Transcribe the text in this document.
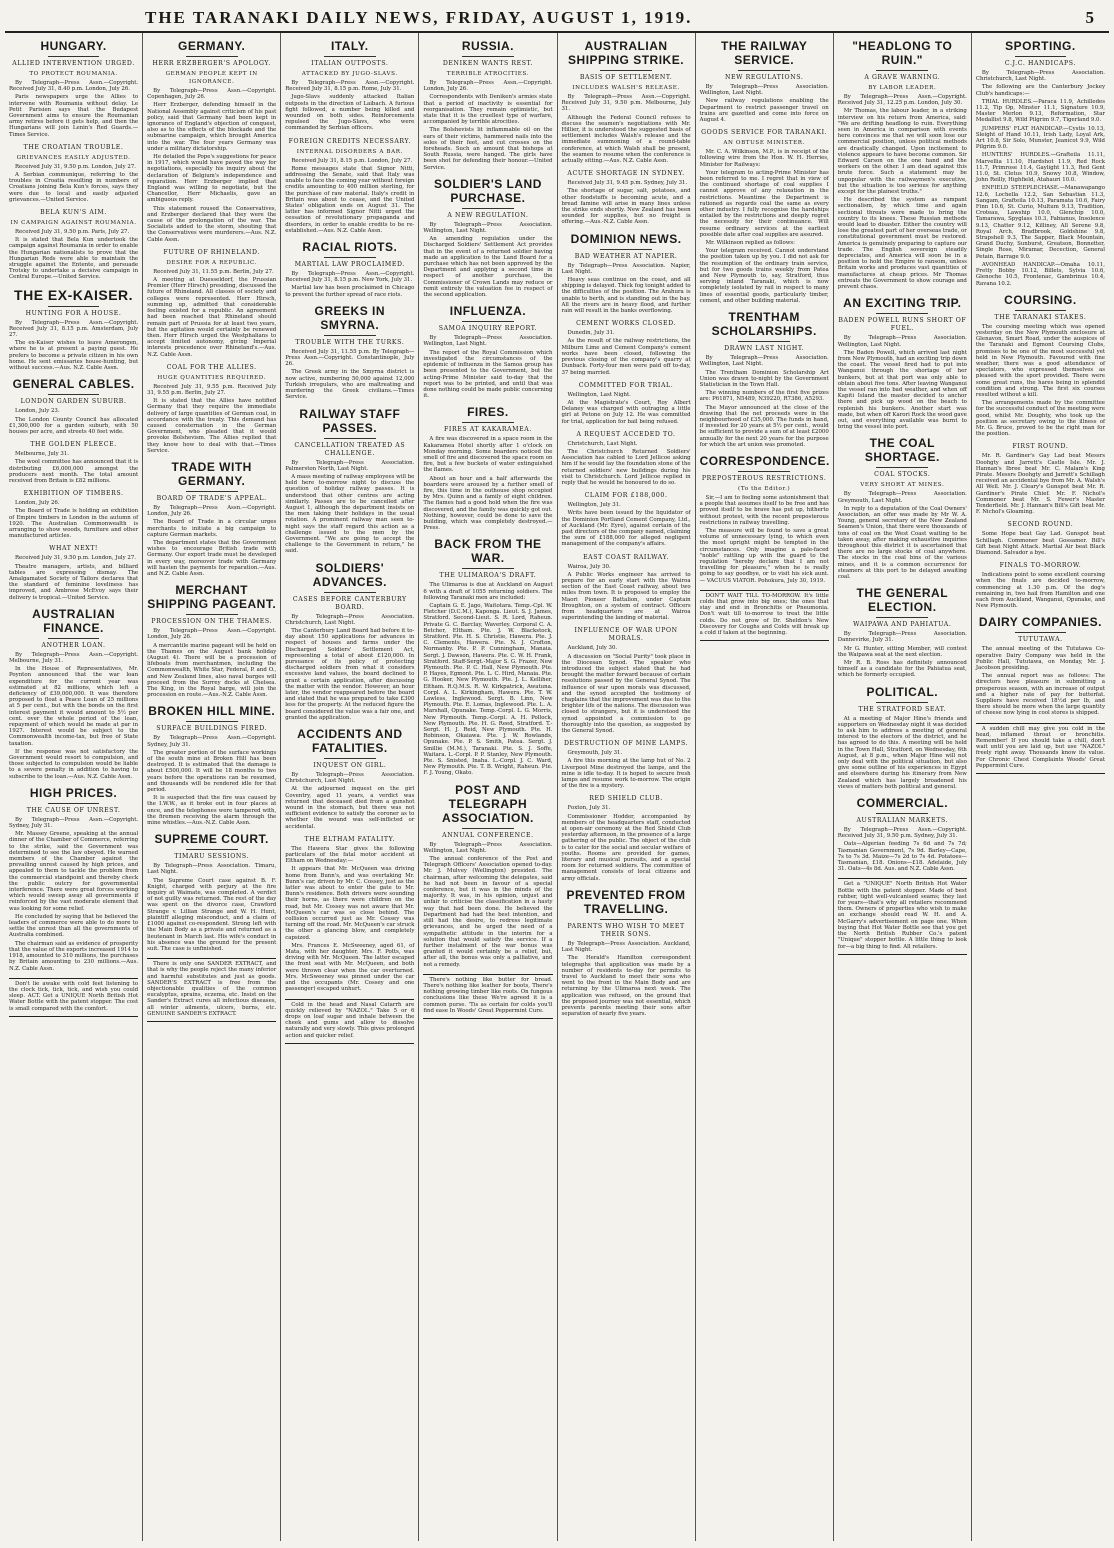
THE TARANAKI DAILY NEWS, FRIDAY, AUGUST 1, 1919.	5
HUNGARY.
ALLIED INTERVENTION URGED.
TO PROTECT ROUMANIA.

By Telegraph—Press Assn.—Copyright. Received July 31, 8.40 p.m. London, July 26.

Paris newspapers urge the Allies to intervene with Roumania without delay. Le Petit Parisien says that the Budapest Government aims to ensure the Roumanian army retires before it gets help, and then the Hungarians will join Lenin's Red Guards.—Times Service.

THE CROATIAN TROUBLE.
GRIEVANCES EASILY ADJUSTED.

Received July 31, 9.50 p.m. London, July 27.

A Serbian communique, referring to the troubles in Croatia resulting in numbers of Croatians joining Bela Kun's forces, says they were due to local and easily adjusted grievances.—United Service.

BELA KUN'S AIM.
IN CAMPAIGN AGAINST ROUMANIA.

Received July 31, 9.50 p.m. Paris, July 27.

It is stated that Bela Kun undertook the campaign against Roumania in order to enable the Hungarian nationalists to prove that the Hungarian Reds were able to maintain the struggle against the Entente, and persuade Trotsky to undertake a decisive campaign in Central Europe.—United Service.

THE EX-KAISER.
HUNTING FOR A HOUSE.

By Telegraph—Press Assn.—Copyright. Received July 31, 8.15 p.m. Amsterdam, July 27.

The ex-Kaiser wishes to leave Amerongen, where he is at present a paying guest. He prefers to become a private citizen in his own home. He sent emissaries house-hunting, but without success.—Aus. N.Z. Cable Assn.

GENERAL CABLES.
LONDON GARDEN SUBURB.

London, July 23.

The London County Council has allocated £1,300,000 for a garden suburb, with 50 houses per acre, and streets 40 feet wide.

THE GOLDEN FLEECE.

Melbourne, July 31.

The wool committee has announced that it is distributing £6,000,000 amongst the producers next month. The total amount received from Britain is £82 millions.

EXHIBITION OF TIMBERS.

London, July 26.

The Board of Trade is holding an exhibition of Empire timbers in London in the autumn of 1920. The Australian Commonwealth is arranging to show woods, furniture and other manufactured articles.

WHAT NEXT!

Received July 31, 9.50 p.m. London, July 27.

Theatre managers, artists, and billiard tables are expressing dismay. The Amalgamated Society of Tailors declares that the standard of feminine loveliness has improved, and Ambrose McEvoy says their delivery is tropical.—United Service.

AUSTRALIAN FINANCE.
ANOTHER LOAN.

By Telegraph—Press Assn.—Copyright. Melbourne, July 31.

In the House of Representatives, Mr. Poynton announced that the war loan expenditure for the current year was estimated at 82 millions, which left a deficiency of £39,000,000. It was therefore proposed to float a Peace Loan of 25 millions at 5 per cent., but with the bonds on the first interest payment it would amount to 5½ per cent. over the whole period of the loan, repayment of which would be made at par in 1927. Interest would be subject to the Commonwealth income-tax, but free of State taxation.

If the response was not satisfactory the Government would resort to compulsion, and those subjected to compulsion would be liable to a severe penalty in addition to having to subscribe to the loan.—Aus. N.Z. Cable Assn.

HIGH PRICES.
THE CAUSE OF UNREST.

By Telegraph—Press Assn.—Copyright. Sydney, July 31.

Mr. Massey Greene, speaking at the annual dinner of the Chamber of Commerce, referring to the strike, said the Government was determined to see the law obeyed. He warned members of the Chamber against the prevailing unrest caused by high prices, and appealed to them to tackle the problem from the commercial standpoint and thereby check the public outcry for governmental interference. There were great forces working which would sweep away all governments if reinforced by the vast moderate element that was looking for some relief.

He concluded by saying that he believed the leaders of commerce were able to do more to settle the unrest than all the governments of Australia combined.

The chairman said as evidence of prosperity that the value of the exports increased 1914 to 1918, amounted to 310 millions, the purchases by Britain amounting to 230 millions.—Aus. N.Z. Cable Assn.

Don't lie awake with cold feet listening to the clock tick, tick, tick, and wish you could sleep. ACT. Get a UNIQUE North British Hot Water Bottle with the patent stopper. The cost is small compared with the comfort.

GERMANY.
HERR ERZBERGER'S APOLOGY.
GERMAN PEOPLE KEPT IN IGNORANCE.

By Telegraph—Press Assn.—Copyright. Copenhagen, July 26.

Herr Erzberger, defending himself in the National Assembly against criticism of his past policy, said that Germany had been kept in ignorance of England's objection of conquest, also as to the effects of the blockade and the submarine campaign, which brought America into the war. The four years Germany was under a military dictatorship.

He detailed the Pope's suggestions for peace in 1917, which would have paved the way for negotiations, especially his inquiry about the declaration of Belgium's independence and reparation. Herr Erzberger implied that England was willing to negotiate, but the Chancellor, Herr Michaelis, gave an ambiguous reply.

This statement roused the Conservatives, and Erzberger declared that they were the cause of the prolongation of the war. The Socialists added to the storm, shouting that the Conservatives were murderers.—Aus. N.Z. Cable Assn.

FUTURE OF RHINELAND.
DESIRE FOR A REPUBLIC.

Received July 31, 11.55 p.m. Berlin, July 27.

A meeting at Duesseldorf, the Prussian Premier (Herr Hirsch) presiding, discussed the future of Rhineland. All classes of society and colleges were represented. Herr Hirsch, summing up, admitted that considerable feeling existed for a republic. An agreement had been reached that Rhineland should remain part of Prussia for at least two years, but the agitation would certainly be renewed then. Herr Hirsch urged the Westphalians to accept limited autonomy, giving Imperial interests precedence over Rhineland's.—Aus. N.Z. Cable Assn.

COAL FOR THE ALLIES.
HUGE QUANTITIES REQUIRED.

Received July 31, 9.55 p.m. Received July 31, 9.55 p.m. Berlin, July 27.

It is stated that the Allies have notified Germany that they require the immediate delivery of large quantities of German coal, in accordance with the treaty. This demand has caused consternation in the German Government, who pleaded that it would provoke Bolshevism. The Allies replied that they know how to deal with that.—Times Service.

TRADE WITH GERMANY.
BOARD OF TRADE'S APPEAL.

By Telegraph—Press Assn.—Copyright. London, July 26.

The Board of Trade in a circular urges merchants to initiate a big campaign to capture German markets.

The department states that the Government wishes to encourage British trade with Germany. Our export trade must be developed in every way, moreover trade with Germany will hasten the payments for reparation.—Aus. and N.Z. Cable Assn.

MERCHANT SHIPPING PAGEANT.
PROCESSION ON THE THAMES.

By Telegraph—Press Assn.—Copyright. London, July 26.

A mercantile marine pageant will be held on the Thames on the August bank holiday (August 4). There will be a procession of lifeboats from merchantmen, including the Commonwealth, White Star, Federal, P. and O., and New Zealand lines, also naval barges will proceed from the Surrey docks at Chelsea. The King, in the Royal barge, will join the procession en route.—Aus.-N.Z. Cable Assn.

BROKEN HILL MINE.
SURFACE BUILDINGS FIRED.

By Telegraph—Press Assn.—Copyright. Sydney, July 31.

The greater portion of the surface workings of the south mine at Broken Hill has been destroyed. It is estimated that the damage is about £500,000. It will be 18 months to two years before the operations can be resumed, and thousands will be rendered idle for that period.

It is suspected that the fire was caused by the I.W.W., as it broke out in four places at once, and the telephones were tampered with, the firemen receiving the alarm through the mine whistles.—Aus.-N.Z. Cable Assn.

SUPREME COURT.
TIMARU SESSIONS.

By Telegraph—Press Association. Timaru, Last Night.

The Supreme Court case against B. F. Knight, charged with perjury at the fire inquiry at Waimate, was completed. A verdict of not guilty was returned. The rest of the day was spent on the divorce case, Crawford Strange v. Lillian Strange and W. H. Hunt, plaintiff alleging misconduct, and a claim of £1000 against co-respondent. Strong left with the Main Body as a private and returned as a lieutenant in March last. His wife's conduct in his absence was the ground for the present suit. The case is unfinished.

There is only one SANDER EXTRACT, and that is why the people reject the many inferior and harmful substitutes and just as goods. SANDER'S EXTRACT is free from the objectionable qualities of the common eucalyptus, sprains, eczema, etc. Insist on the Sander's Extract cures all infectious diseases, all winter ailments, ulcers, burns, etc. GENUINE SANDER'S EXTRACT.

ITALY.
ITALIAN OUTPOSTS.
ATTACKED BY JUGO-SLAVS.

By Telegraph—Press Assn.—Copyright. Received July 31, 8.15 p.m. Rome, July 31.

Jugo-Slavs suddenly attacked Italian outposts in the direction of Laibach. A furious fight followed, a number being killed and wounded on both sides. Reinforcements repulsed the Jugo-Slavs, who were commanded by Serbian officers.

FOREIGN CREDITS NECESSARY.
INTERNAL DISORDERS A BAR.

Received July 31, 8.15 p.m. London, July 27.

Rome messages state that Signor Nitti, addressing the Senate, said that Italy was unable to face the coming year without foreign credits amounting to 400 million sterling, for the purchase of raw material. Italy's credit in Britain was about to cease, and the United States' obligation ends on August 31. The latter has informed Signor Nitti urged the cessation of revolutionary propaganda and disorders, in order to enable credits to be re-established.—Aus. N.Z. Cable Assn.

RACIAL RIOTS.
MARTIAL LAW PROCLAIMED.

By Telegraph—Press Assn.—Copyright. Received July 31, 8.15 p.m. New York, July 31.

Martial law has been proclaimed in Chicago to prevent the further spread of race riots.

GREEKS IN SMYRNA.
TROUBLE WITH THE TURKS.

Received July 31, 11.55 p.m. By Telegraph—Press Assn.—Copyright. Constantinople, July 26.

The Greek army in the Smyrna district is now active, numbering 50,000 against 12,000 Turkish irregulars, who are maltreating and murdering the Greek civilians.—Times Service.

RAILWAY STAFF PASSES.
CANCELLATION TREATED AS CHALLENGE.

By Telegraph—Press Association. Palmerston North, Last Night.

A mass meeting of railway employees will be held here to-morrow night to discuss the question of holiday railway passes. It is understood that other centres are acting similarly. Passes are to be cancelled after August 1, although the department insists on the men taking their holidays in the usual rotation. A prominent railway man seen to-night says the staff regard this action as a challenge issued to the men by the Government. "We are going to accept the challenge to the Government in return," he said.

SOLDIERS' ADVANCES.
CASES BEFORE CANTERBURY BOARD.

By Telegraph—Press Association. Christchurch, Last Night.

The Canterbury Land Board had before it to-day about 150 applications for advances in respect of houses and farms under the Discharged Soldiers' Settlement Act, representing a total of about £120,000. In pursuance of its policy of protecting discharged soldiers from what it considers excessive land values, the board declined to grant a certain application, after discussing the matter with the vendor. However, an hour later, the vendor reappeared before the board and stated that he was prepared to take £300 less for the property. At the reduced figure the board considered the value was a fair one, and granted the application.

ACCIDENTS AND FATALITIES.
INQUEST ON GIRL.

By Telegraph—Press Association. Christchurch, Last Night.

At the adjourned inquest on the girl Coventry, aged 11 years, a verdict was returned that deceased died from a gunshot wound in the stomach, but there was not sufficient evidence to satisfy the coroner as to whether the wound was self-inflicted or accidental.

THE ELTHAM FATALITY.

The Hawera Star gives the following particulars of the fatal motor accident at Eltham on Wednesday:—

It appears that Mr. McQueen was driving home from Bunn's, and was overtaking Mr. Bunn's car, driven by Mr. C. Cossey, just as the latter was about to enter the gate to Mr. Bunn's residence. Both drivers were sounding their horns, as there were children on the road, but Mr. Cossey was not aware that Mr. McQueen's car was so close behind. The collision occurred just as Mr. Cossey was turning off the road. Mr. McQueen's car struck the other a glancing blow, and completely capsized.

Mrs. Frances E. McSweeney, aged 61, of Mata, with her daughter, Mrs. F. Potts, was driving with Mr. McQueen. The latter escaped the front seat with Mr. McQueen, and both were thrown clear when the car overturned. Mrs. McSweeney was pinned under the car and the occupants (Mr. Cossey and one passenger) escaped unhurt.

Cold in the head and Nasal Catarrh are quickly relieved by "NAZOL." Take 5 or 6 drops on loaf sugar and inhale between the cheek and gums and allow to dissolve naturally and very slowly. This gives prolonged action and quicker relief.

RUSSIA.
DENIKEN WANTS REST.
TERRIBLE ATROCITIES.

By Telegraph—Press Assn.—Copyright. London, July 26.

Correspondents with Deniken's armies state that a period of inactivity is essential for reorganisation. They remain optimistic, but state that it is the cruellest type of warfare, accompanied by terrible atrocities.

The Bolshevists lit inflammable oil on the ears of their victims, hammered nails into the soles of their feet, and cut crosses on the foreheads. Such an amount that bishops at South Russia, were hanged. The girls have been shot for defending their honour.—United Service.

SOLDIER'S LAND PURCHASE.
A NEW REGULATION.

By Telegraph—Press Association. Wellington, Last Night.

An amending regulation under the Discharged Soldiers' Settlement Act provides that in the event of a returned soldier having made an application to the Land Board for a purchase which has not been approved by the Department and applying a second time in respect of another purchase, the Commissioner of Crown Lands may reduce or remit entirely the valuation fee in respect of the second application.

INFLUENZA.
SAMOA INQUIRY REPORT.

By Telegraph—Press Association. Wellington, Last Night.

The report of the Royal Commission which investigated the circumstances of the epidemic of influenza in the Samoa group has been presented to the Government, but the acting-Prime Minister said to-day that the report was to be printed, and until that was done nothing could be made public concerning it.

FIRES.
FIRES AT KAKARAMEA.

A fire was discovered in a space room in the Kakaramea Hotel shortly after 1 o'clock on Monday morning. Some boarders noticed the smell of fire and discovered the space room on fire, but a few buckets of water extinguished the flames.

About an hour and a half afterwards the boarders were aroused by a further smell of fire, this time in the outhouse shop occupied by Mrs. Quinn and a family of eight children. The flames had a good hold when the fire was discovered, and the family was quickly got out. Nothing, however, could be done to save the building, which was completely destroyed.—Press.

BACK FROM THE WAR.
THE ULIMAROA'S DRAFT.

The Ulimaroa is due at Auckland on August 6 with a draft of 1055 returning soldiers. The following Taranaki men are included:

Captain G. E. Jago, Waitotara. Temp.-Cpl. W. Fletcher (D.C.M.), Kaponga. Lieut. S. J. James, Stratford. Second-Lieut. S. R. Lord, Raheun. Private G. C. Barclay, Waverley. Corporal C. A. Betcher, Eltham. Pte. J. W. Blackstock, Stratford. Pte. H. S. Christie, Hawera. Pte. J. C. Clements, Hawera. Pte. N. J. Crofton, Normanby. Pte. P. P. Cunningham, Manaia. Sergt. J. Dawson, Hawera. Pte. C. W. H. Frank, Stratford. Staff-Sergt.-Major S. G. Frazer, New Plymouth. Pte. P. C. Hall, New Plymouth. Pte. P. Hayes, Egmont. Pte. L. C. Hird, Manaia. Pte. G. Hooker, New Plymouth. Pte. J. L. Kelliher, Eltham. R.Q.M.S. R. W. Kirkpatrick, Awatuna. Corpl. A. L. Kirkingham, Hawera. Pte. T. W. Lawless, Inglewood. Sergt. B. Linn, New Plymouth. Pte. E. Lomas, Inglewood. Pte. L. A. Marshall, Opunake. Temp.-Corpl. L. G. Morris, New Plymouth. Temp.-Corpl. A. H. Pollock, New Plymouth. Pte. H. G. Reed, Stratford. T.-Sergt. H. J. Reid, New Plymouth. Pte. H. Robinson, Okaiawa. Pte. J. W. Rowlands, Opunake. Pte. P. S. Smith, Patea. Sergt. J. Smillie (M.M.), Taranaki. Pte. S. J. Soffe, Waitara. L.-Corpl. P. P. Stanley, New Plymouth. Pte. S. Snisted, Inaha. L.-Corpl. J. C. Ward, New Plymouth. Pte. T. B. Wright, Raheun. Pte. F. J. Young, Okato.

POST AND TELEGRAPH ASSOCIATION.
ANNUAL CONFERENCE.

By Telegraph—Press Association. Wellington, Last Night.

The annual conference of the Post and Telegraph Officers' Association opened to-day. Mr. J. Mulvey (Wellington) presided. The chairman, after welcoming the delegates, said he had not been in favour of a special conference, but it was in the minds of the majority. It was, in his opinion, unjust and unfair to criticise the classification in a hasty way that had been done. He believed the Department had had the best intention, and still had the desire, to redress legitimate grievances, and he urged the need of a sympathetic attitude in the interim for a solution that would satisfy the service. If a further instalment of the war bonus was granted it would certainly be a relief, but, after all, the bonus was only a palliative, and not a remedy.

There's nothing like butter for bread. There's nothing like leather for boots, There's nothing growing timber like roots. On fungous conclusions like these We're agreed it is a common purse. 'Tis as certain for colds you'll find ease In Woods' Great Peppermint Cure.

AUSTRALIAN SHIPPING STRIKE.
BASIS OF SETTLEMENT.
INCLUDES WALSH'S RELEASE.

By Telegraph—Press Assn.—Copyright. Received July 31, 9.50 p.m. Melbourne, July 31.

Although the Federal Council refuses to discuss the seamen's negotiations with Mr. Hillier, it is understood the suggested basis of settlement includes Walsh's release and the immediate summoning of a round-table conference, at which Walsh shall be present, the seamen to resume when the conference is actually sitting.—Aus. N.Z. Cable Assn.

ACUTE SHORTAGE IN SYDNEY.

Received July 31, 9.45 p.m. Sydney, July 31.

The shortage of sugar, salt, potatoes, and other foodstuffs is becoming acute, and a bread famine will arise in many lines unless the strike ends shortly. New Zealand has been sounded for supplies, but no freight is offering.—Aus.-N.Z. Cable Assn.

DOMINION NEWS.
BAD WEATHER AT NAPIER.

By Telegraph—Press Association. Napier, Last Night.

Heavy seas continue on the coast, and all shipping is delayed. Thick fog tonight added to the difficulties of the position. The Arahura is unable to berth, and is standing out in the bay. All the rivers are in heavy flood, and further rain will result in the banks overflowing.

CEMENT WORKS CLOSED.

Dunedin, July 31.

As the result of the railway restrictions, the Milburn Lime and Cement Company's cement works have been closed, following the previous closing of the company's quarry at Dunback. Forty-four men were paid off to-day, 37 being married.

COMMITTED FOR TRIAL.

Wellington, Last Night.

At the Magistrate's Court, Roy Albert Delaney was charged with outraging a little girl at Petone on July 12. He was committed for trial, application for bail being refused.

A REQUEST ACCEDED TO.

Christchurch, Last Night.

The Christchurch Returned Soldiers' Association has cabled to Lord Jellicoe asking him if he would lay the foundation stone of the returned soldiers' new buildings during his visit to Christchurch. Lord Jellicoe replied in reply that he would be honoured to do so.

CLAIM FOR £188,000.

Wellington, July 31.

Writs have been issued by the liquidator of the Dominion Portland Cement Company, Ltd., of Auckland (Mr. Eyre), against certain of the past directors of the company named, claiming the sum of £188,000 for alleged negligent management of the company's affairs.

EAST COAST RAILWAY.

Wairoa, July 30.

A Public Works engineer has arrived to prepare for an early start with the Wairoa section of the East Coast railway, about two miles from town. It is proposed to employ the Maori Pioneer Battalion, under Captain Broughton, on a system of contract. Officers from headquarters are at Wairoa superintending the landing of material.

INFLUENCE OF WAR UPON MORALS.

Auckland, July 30.

A discussion on "Social Purity" took place in the Diocesan Synod. The speaker who introduced the subject stated that he had brought the matter forward because of certain resolutions passed by the General Synod. The influence of war upon morals was discussed, and the synod accepted the testimony of chaplains that the improvement was due to the brighter life of the nations. The discussion was closed to strangers, but it is understood the synod appointed a commission to go thoroughly into the question, as suggested by the General Synod.

DESTRUCTION OF MINE LAMPS.

Greymouth, July 31.

A fire this morning at the lamp hut of No. 2 Liverpool Mine destroyed the lamps, and the mine is idle to-day. It is hoped to secure fresh lamps and resume work to-morrow. The origin of the fire is a mystery.

RED SHIELD CLUB.

Foxton, July 31.

Commissioner Hodder, accompanied by members of the headquarters staff, conducted at open-air ceremony at the Red Shield Club yesterday afternoon, in the presence of a large gathering of the public. The object of the club is to cater for the social and secular welfare of youths. Rooms are provided for games, literary and musical pursuits, and a special room for returned soldiers. The committee of management consists of local citizens and army officials.

PREVENTED FROM TRAVELLING.
PARENTS WHO WISH TO MEET THEIR SONS.

By Telegraph—Press Association. Auckland, Last Night.

The Herald's Hamilton correspondent telegraphs that application was made by a number of residents to-day for permits to travel to Auckland to meet their sons who went to the front in the Main Body and are returning by the Ulimaroa next week. The application was refused, on the ground that the proposed journey was not essential, which prevents parents meeting their sons after separation of nearly five years.

THE RAILWAY SERVICE.
NEW REGULATIONS.

By Telegraph—Press Association. Wellington, Last Night.

New railway regulations enabling the Department to restrict passenger travel on trains are gazetted and come into force on August 4.

GOODS SERVICE FOR TARANAKI.
AN OBTUSE MINISTER.

Mr. C. A. Wilkinson, M.P., is in receipt of the following wire from the Hon. W. H. Herries, Minister for Railways:

Your telegram to acting-Prime Minister has been referred to me. I regret that in view of the continued shortage of coal supplies I cannot approve of any relaxation in the restrictions. Meantime the Department is rationed as regards coal the same as every other industry. I fully recognise the hardships entailed by the restrictions and deeply regret the necessity for their continuance. Will resume ordinary services at the earliest possible date after coal supplies are assured.

Mr. Wilkinson replied as follows:

Your telegram received. Cannot understand the position taken up by you. I did not ask for the resumption of the ordinary train service, but for two goods trains weekly from Patea and New Plymouth to, say, Stratford, thus serving inland Taranaki, which is now completely isolated by rail in respect to many lines of essential goods, particularly timber, cement, and other building material.

TRENTHAM SCHOLARSHIPS.
DRAWN LAST NIGHT.

By Telegraph—Press Association. Wellington, Last Night.

The Trentham Dominion Scholarship Art Union was drawn to-night by the Government Statistician in the Town Hall.

The winning numbers of the first five prizes are: P61871, N5489, N39220, R7386, A5293.

The Mayor announced at the close of the drawing that the net proceeds were in the neighbourhood of £35,000. The funds in hand, if invested for 20 years at 5½ per cent., would be sufficient to provide a sum of at least £2000 annually for the next 20 years for the purpose for which the art union was promoted.

CORRESPONDENCE.
PREPOSTEROUS RESTRICTIONS.
(To the Editor.)

Sir,—I am to feeling some astonishment that a people that assumes itself to be free and has proved itself to be brave has put up, hitherto without protest, with the recent preposterous restrictions in railway travelling.

The measure will be found to save a great volume of unnecessary lying, to which even the most upright might be tempted in the circumstances. Only imagine a pale-faced "noble" rattling up with the guard to the regulation "hereby declare that I am not travelling for pleasure," when he is really going to say goodbye, or to visit his sick aunt. — VACUUS VIATOR. Pohokura, July 30, 1919.

DON'T WAIT TILL TO-MORROW. It's little colds that grow into big ones; the ones that stay and end in Bronchitis or Pneumonia. Don't wait till to-morrow to treat the little colds. Do not grow of Dr. Sheldon's New Discovery for Coughs and Colds will break up a cold if taken at the beginning.

"HEADLONG TO RUIN."
A GRAVE WARNING.
BY LABOR LEADER.

By Telegraph—Press Assn.—Copyright. Received July 31, 12.25 p.m. London, July 30.

Mr Thomas, the labour leader, in a striking interview on his return from America, said: "We are drifting headlong to ruin. Everything seen in America in comparison with events here convinces me that we will soon lose our commercial position, unless political methods are drastically changed. Upon incitement to violence appears to have become common. Sir Edward Carson on the one hand and the workers on the other. I am dead against this brute force. Such a statement may be unpopular with the railwaymen's executive, but the situation is too serious for anything except for the plainest truths."

He described the system as rampant sectionalism, by which time and again sectional threats were made to bring the country to its knees. These Russian methods would lead to disaster. Either the country will lose the greatest part of her overseas trade, or constitutional government must be restored. America is genuinely preparing to capture our trade. The English sovereign steadily depreciates, and America will soon be in a position to hold the Empire to ransom, unless Britain works and produces vast quantities of manufactures at cheap prices. Mr Thomas entreats the Government to show courage and prevent chaos.

AN EXCITING TRIP.
BADEN POWELL RUNS SHORT OF FUEL.

By Telegraph—Press Association. Wellington, Last Night.

The Baden Powell, which arrived last night from New Plymouth, had an exciting trip down the coast. The vessel fired had to put into Wanganui through the shortage of her bunkers, but at that port was only able to obtain about five tons. After leaving Wanganui the vessel ran into bad weather, and when off Kapiti Island the master decided to anchor there and pick up wood on the beach to replenish his bunkers. Another start was made, but when off Karori Rock the wood gave out, and everything available was burnt to bring the vessel into port.

THE COAL SHORTAGE.
COAL STOCKS.
VERY SHORT AT MINES.

By Telegraph—Press Association. Greymouth, Last Night.

In reply to a deputation of the Coal Owners' Association, an offer was made by Mr W. A. Young, general secretary of the New Zealand Seamen's Union, that there were thousands of tons of coal on the West Coast waiting to be taken away, after making exhaustive inquiries throughout this district it is ascertained that there are no large stocks of coal anywhere. The stocks in the coal bins of the various mines, and it is a common occurrence for steamers at this port to be delayed awaiting coal.

THE GENERAL ELECTION.
WAIPAWA AND PAHIATUA.

By Telegraph—Press Association. Dannevirke, July 31.

Mr G. Hunter, sitting Member, will contest the Waipawa seat at the next election.

Mr R. B. Ross has definitely announced himself as a candidate for the Pahiatua seat, which he formerly occupied.

POLITICAL.
THE STRATFORD SEAT.

At a meeting of Major Hine's friends and supporters on Wednesday night it was decided to ask him to address a meeting of general interest to the electors of the district, and he has agreed to do this. A meeting will be held in the Town Hall, Stratford, on Wednesday, 6th August, at 8 p.m., when Major Hine will not only deal with the political situation, but also give some outline of his experiences in Egypt and elsewhere during his itinerary from New Zealand which has largely broadened his views of matters both political and general.

COMMERCIAL.
AUSTRALIAN MARKETS.

By Telegraph—Press Assn.—Copyright. Received July 31, 9.50 p.m. Sydney, July 31.

Oats—Algerian feeding 7s 6d and 7s 7d; Tasmanian Government, 7s 9d. Barley—Cape, 7s to 7s 3d. Maize—7s 2d to 7s 4d. Potatoes—Tasmanian, £18. Onions—£18. Adelaide, July 31. Oats—4s 8d. Aus. and N.Z. Cable Assn.

Get a "UNIQUE" North British Hot Water Bottle with the patent stopper. Made of best rubber, tight well-vulcanised seams; they last for years—that's why all retailers recommend them. Owners of properties who wish to make an exchange should read W. H. and A. McGarry's advertisement on page one. When buying that Hot Water Bottle see that you get the North British Rubber Co.'s patent "Unique" stopper bottle. A little thing to look for—a big thing to find. All retailers.

SPORTING.
C.J.C. HANDICAPS.

By Telegraph—Press Association. Christchurch, Last Night.

The following are the Canterbury Jockey Club's handicaps:—

TRIAL HURDLES.—Paraca 11.9, Achilledes 11.2, Tip Op, Minster 11.1, Signature 10.9, Master Merlon 9.13, Reformation, Star Medallist 9.8, Wild Pilgrim 9.7, Tigerland 9.0.

JUMPERS' FLAT HANDICAP.—Cystis 10.13, Sleight of Hand 10.11, Irish Lady, Loyal Ark, Art 10.8, Sir Solo, Munster, Jeanicot 9.9, Wild Pilgrim 9.0.

HUNTERS' HURDLES.—Grafteila 11.11, Marvellia 11.10, Hardshot 11.9, Red Rock 11.7, Primrose 11.4, Gaylight 11.3, Red Gent 11.0, St. Cletus 10.9, Snowy 10.8, Window, John Reilly, Highfield, Atahauri 10.0.

ENFIELD STEEPLECHASE.—Manawapango 12.6, Lochella 12.2, San Sebastian 11.3, Sangam, Grafteila 10.13, Paramata 10.6, Fairy Finn 10.6, St. Curio, Multum 9.13, Tradition, Croteau, Lawship 10.0, Glenchip 10.0, Tamarawa, Spyglass 10.3, Fabianus, Insolence 9.13, Chatter 9.12, Killiney, All Serene 9.8, Royal Arch, Bradbrook, Goldshine 9.8, Strapshell 9.3, The Sapper, Black Mountain, Grand Duchy, Sunburst, Greatson, Bonnetter, Single Rose, Miramar, Decection, General Petain, Barrage 9.0.

AVONHEAD HANDICAP.—Omaha 10.11, Pretty Bobby 10.12, Billets, Sylvia 10.6, Glenoche 10.5, Frontenac, Gambrinus 10.4, Ravana 10.2.

COURSING.
THE TARANAKI STAKES.

The coursing meeting which was opened yesterday on the New Plymouth enclosure at Glenavon, Smart Road, under the auspices of the Taranaki and Egmont Coursing Clubs, promises to be one of the most successful yet held in New Plymouth. Favoured with fine weather, there was a good attendance of spectators, who expressed themselves as pleased with the sport provided. There were some great runs, the hares being in splendid condition and strong. The first six courses resulted without a kill.

The arrangements made by the committee for the successful conduct of the meeting were good, whilst Mr. Doughty, who took up the position as secretary owing to the illness of Mr. G. Bruce, proved to be the right man for the position.

FIRST ROUND.

Mr. R. Gardiner's Gay Lad beat Messrs Doohgty and Jarrett's Castle Isle. Mr. J. Hannan's Ibree beat Mr. C. Malam's King Pirate. Messrs Doohgty and Jarrett's Schillagh received an accidental bye from Mr. A. Walsh's All Well. Mr. J. Cleary's Gunspot beat Mr. R. Gardiner's Pirate Chief. Mr. F. Nichol's Commoner beat Mr. S. Fewer's Master Tenderfield. Mr. J. Hannan's Bill's Gift beat Mr. F. Nichol's Gloaming.

SECOND ROUND.

Some Hope beat Gay Lad. Gunspot beat Schillagh. Commoner beat Gossamer. Bill's Gift beat Night Attack. Martial Air beat Black Diamond. Salvador a bye.

FINALS TO-MORROW.

Indications point to some excellent coursing when the finals are decided to-morrow, commencing at 1.30 p.m. Of the dog's remaining in, two hail from Hamilton and one each from Auckland, Wanganui, Opunake, and New Plymouth.

DAIRY COMPANIES.
TUTUTAWA.

The annual meeting of the Tututawa Co-operative Dairy Company was held in the Public Hall, Tututawa, on Monday, Mr. J. Jacobson presiding.

The annual report was as follows: The directors have pleasure in submitting a prosperous season, with an increase of output and a higher rate of pay for butterfat. Suppliers have received 18½d per lb, and there should be more when the large quantity of cheese now lying in cool stores is shipped.

A sudden chill may give you cold in the head, inflamed throat or bronchitis. Remember! If you should take a chill, don't wait until you are laid up, but use "NAZOL" freely right away. Thousands know its value. For Chronic Chest Complaints Woods' Great Peppermint Cure.
